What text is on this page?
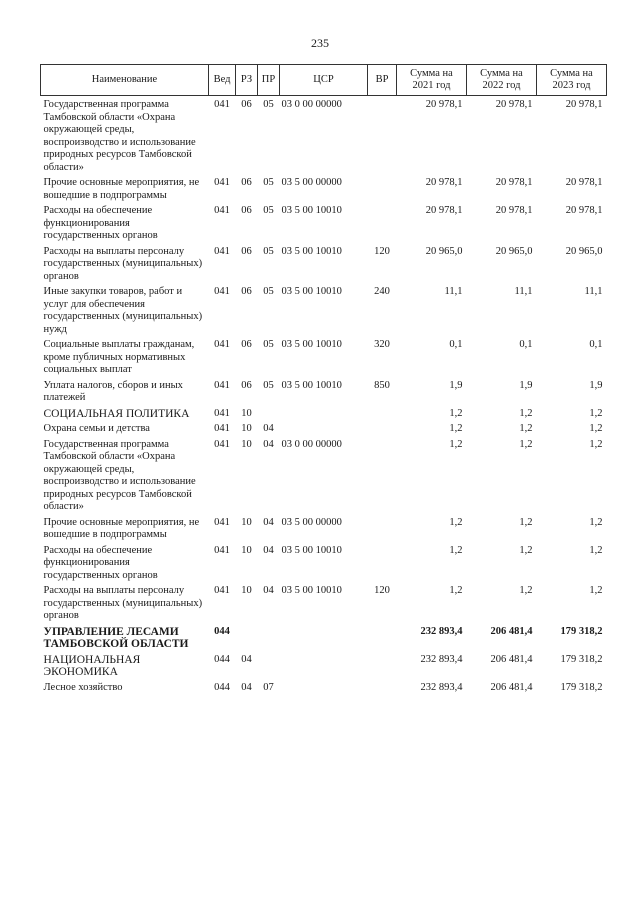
235
Наименование	Вед	РЗ	ПР	ЦСР	ВР	Сумма на 2021 год	Сумма на 2022 год	Сумма на 2023 год
Государственная программа Тамбовской области «Охрана окружающей среды, воспроизводство и использование природных ресурсов Тамбовской области»	041	06	05	03 0 00 00000		20 978,1	20 978,1	20 978,1
Прочие основные мероприятия, не вошедшие в подпрограммы	041	06	05	03 5 00 00000		20 978,1	20 978,1	20 978,1
Расходы на обеспечение функционирования государственных органов	041	06	05	03 5 00 10010		20 978,1	20 978,1	20 978,1
Расходы на выплаты персоналу государственных (муниципальных) органов	041	06	05	03 5 00 10010	120	20 965,0	20 965,0	20 965,0
Иные закупки товаров, работ и услуг для обеспечения государственных (муниципальных) нужд	041	06	05	03 5 00 10010	240	11,1	11,1	11,1
Социальные выплаты гражданам, кроме публичных нормативных социальных выплат	041	06	05	03 5 00 10010	320	0,1	0,1	0,1
Уплата налогов, сборов и иных платежей	041	06	05	03 5 00 10010	850	1,9	1,9	1,9
СОЦИАЛЬНАЯ ПОЛИТИКА	041	10				1,2	1,2	1,2
Охрана семьи и детства	041	10	04			1,2	1,2	1,2
Государственная программа Тамбовской области «Охрана окружающей среды, воспроизводство и использование природных ресурсов Тамбовской области»	041	10	04	03 0 00 00000		1,2	1,2	1,2
Прочие основные мероприятия, не вошедшие в подпрограммы	041	10	04	03 5 00 00000		1,2	1,2	1,2
Расходы на обеспечение функционирования государственных органов	041	10	04	03 5 00 10010		1,2	1,2	1,2
Расходы на выплаты персоналу государственных (муниципальных) органов	041	10	04	03 5 00 10010	120	1,2	1,2	1,2
УПРАВЛЕНИЕ ЛЕСАМИ ТАМБОВСКОЙ ОБЛАСТИ	044					232 893,4	206 481,4	179 318,2
НАЦИОНАЛЬНАЯ ЭКОНОМИКА	044	04				232 893,4	206 481,4	179 318,2
Лесное хозяйство	044	04	07			232 893,4	206 481,4	179 318,2
